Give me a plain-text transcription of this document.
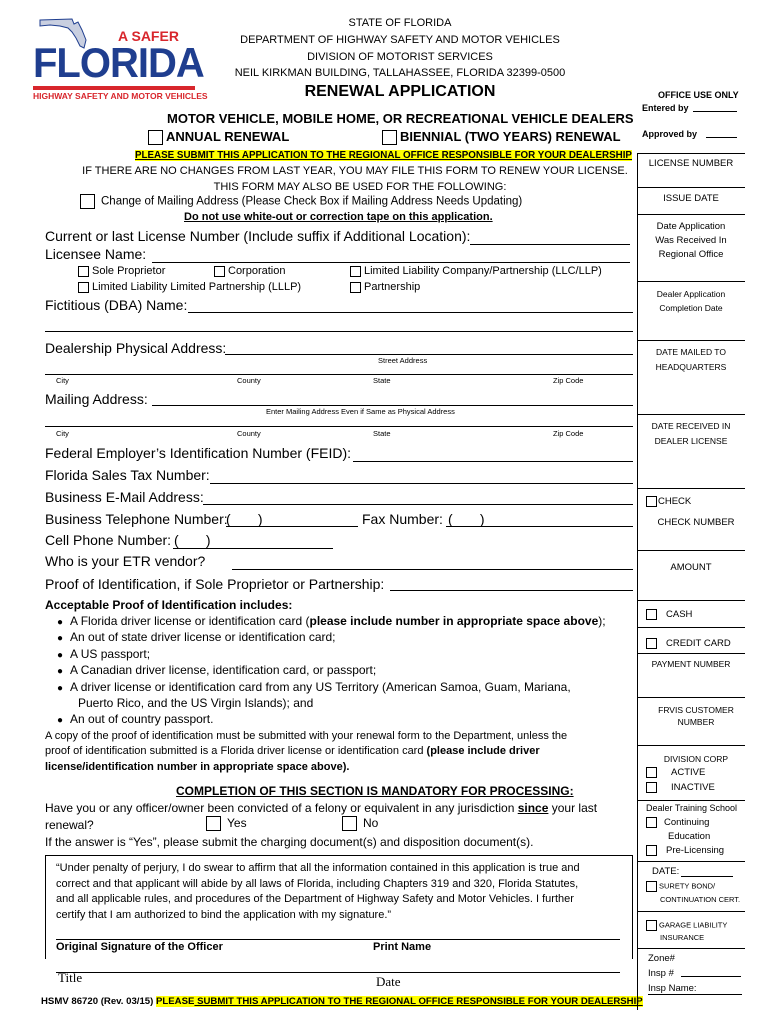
A SAFER
FLORIDA
HIGHWAY SAFETY AND MOTOR VEHICLES
STATE OF FLORIDA
DEPARTMENT OF HIGHWAY SAFETY AND MOTOR VEHICLES
DIVISION OF MOTORIST SERVICES
NEIL KIRKMAN BUILDING, TALLAHASSEE, FLORIDA 32399-0500
RENEWAL APPLICATION
MOTOR VEHICLE, MOBILE HOME, OR RECREATIONAL VEHICLE DEALERS
ANNUAL RENEWAL	BIENNIAL (TWO YEARS) RENEWAL
PLEASE SUBMIT THIS APPLICATION TO THE REGIONAL OFFICE RESPONSIBLE FOR YOUR DEALERSHIP
IF THERE ARE NO CHANGES FROM LAST YEAR, YOU MAY FILE THIS FORM TO RENEW YOUR LICENSE.
THIS FORM MAY ALSO BE USED FOR THE FOLLOWING:
Change of Mailing Address (Please Check Box if Mailing Address Needs Updating)
Do not use white-out or correction tape on this application.
Current or last License Number (Include suffix if Additional Location):
Licensee Name:
Sole Proprietor	Corporation	Limited Liability Company/Partnership (LLC/LLP)
Limited Liability Limited Partnership (LLLP)	Partnership
Fictitious (DBA) Name:
Dealership Physical Address:
Street Address
City	County	State	Zip Code
Mailing Address:
Enter Mailing Address Even if Same as Physical Address
City	County	State	Zip Code
Federal Employer’s Identification Number (FEID):
Florida Sales Tax Number:
Business E-Mail Address:
Business Telephone Number:
(       )	Fax Number: (       )
Cell Phone Number: (       )
Who is your ETR vendor?
Proof of Identification, if Sole Proprietor or Partnership:
Acceptable Proof of Identification includes:
● A Florida driver license or identification card (please include number in appropriate space above);
● An out of state driver license or identification card;
● A US passport;
● A Canadian driver license, identification card, or passport;
● A driver license or identification card from any US Territory (American Samoa, Guam, Mariana,
Puerto Rico, and the US Virgin Islands); and
● An out of country passport.
A copy of the proof of identification must be submitted with your renewal form to the Department, unless the
proof of identification submitted is a Florida driver license or identification card (please include driver
license/identification number in appropriate space above).
COMPLETION OF THIS SECTION IS MANDATORY FOR PROCESSING:
Have you or any officer/owner been convicted of a felony or equivalent in any jurisdiction since your last
renewal?	Yes	No
If the answer is “Yes”, please submit the charging document(s) and disposition document(s).
“Under penalty of perjury, I do swear to affirm that all the information contained in this application is true and
correct and that applicant will abide by all laws of Florida, including Chapters 319 and 320, Florida Statutes,
and all applicable rules, and procedures of the Department of Highway Safety and Motor Vehicles. I further
certify that I am authorized to bind the application with my signature.”
Original Signature of the Officer	Print Name
Title	Date
HSMV 86720 (Rev. 03/15) PLEASE SUBMIT THIS APPLICATION TO THE REGIONAL OFFICE RESPONSIBLE FOR YOUR DEALERSHIP
OFFICE USE ONLY
Entered by
Approved by
LICENSE NUMBER
ISSUE DATE
Date Application
Was Received In
Regional Office
Dealer Application
Completion Date
DATE MAILED TO
HEADQUARTERS
DATE RECEIVED IN
DEALER LICENSE
CHECK
CHECK NUMBER
AMOUNT
CASH
CREDIT CARD
PAYMENT NUMBER
FRVIS CUSTOMER
NUMBER
DIVISION CORP
ACTIVE
INACTIVE
Dealer Training School
Continuing
Education
Pre-Licensing
DATE:
SURETY BOND/
CONTINUATION CERT.
GARAGE LIABILITY
INSURANCE
Zone#
Insp #
Insp Name:
